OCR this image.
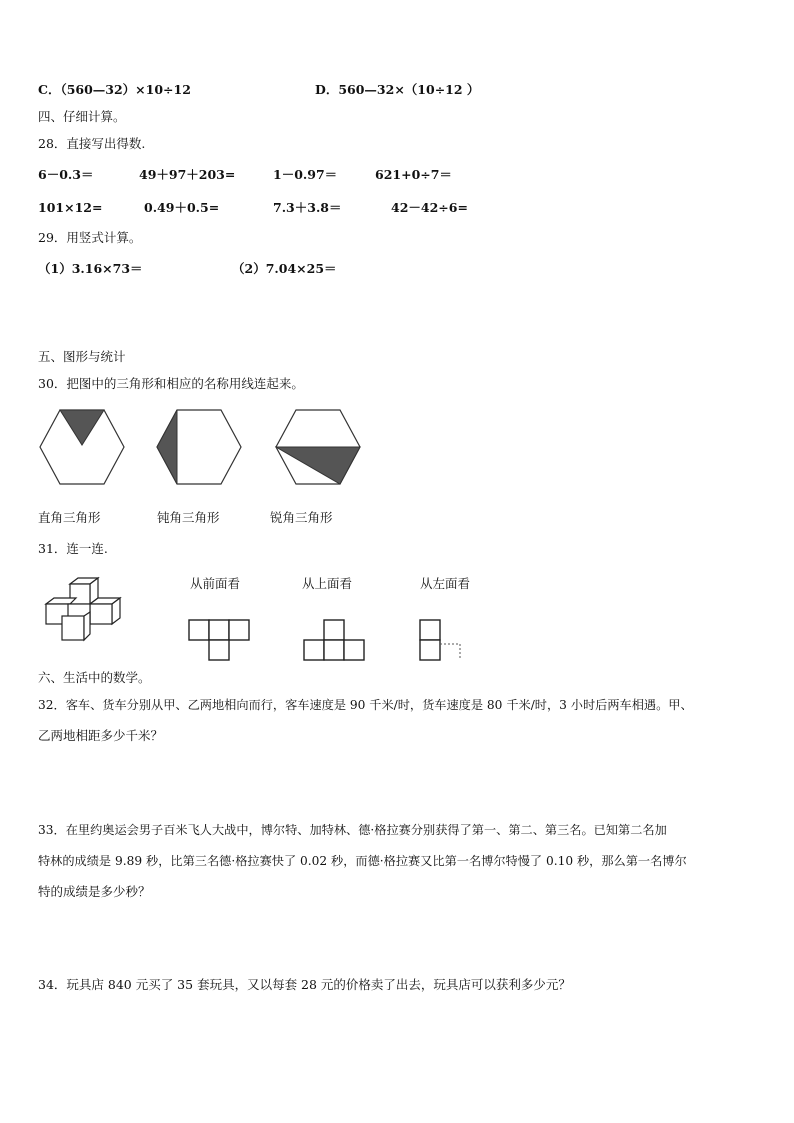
C．（560—32）×10÷12	D．560—32×（10÷12 ）
四、仔细计算。
28．直接写出得数.
6－0.3＝	49＋97＋203=	1－0.97＝	621+0÷7＝
101×12=	0.49＋0.5=	7.3＋3.8＝	42－42÷6=
29．用竖式计算。
（1）3.16×73＝	（2）7.04×25＝
五、图形与统计
30．把图中的三角形和相应的名称用线连起来。
直角三角形	钝角三角形	锐角三角形
31．连一连.
从前面看	从上面看	从左面看
六、生活中的数学。
32．客车、货车分别从甲、乙两地相向而行，客车速度是 90 千米/时，货车速度是 80 千米/时，3 小时后两车相遇。甲、
乙两地相距多少千米？
33．在里约奥运会男子百米飞人大战中，博尔特、加特林、德·格拉赛分别获得了第一、第二、第三名。已知第二名加
特林的成绩是 9.89 秒，比第三名德·格拉赛快了 0.02 秒，而德·格拉赛又比第一名博尔特慢了 0.10 秒，那么第一名博尔
特的成绩是多少秒？
34．玩具店 840 元买了 35 套玩具，又以每套 28 元的价格卖了出去，玩具店可以获利多少元？
